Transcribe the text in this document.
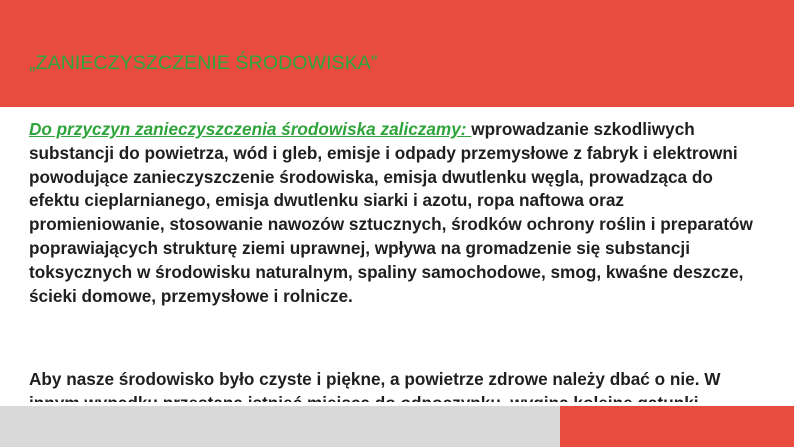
„ZANIECZYSZCZENIE ŚRODOWISKA”

Do przyczyn zanieczyszczenia środowiska zaliczamy: wprowadzanie szkodliwych substancji do powietrza, wód i gleb, emisje i odpady przemysłowe z fabryk i elektrowni powodujące zanieczyszczenie środowiska, emisja dwutlenku węgla, prowadząca do efektu cieplarnianego, emisja dwutlenku siarki i azotu, ropa naftowa oraz promieniowanie, stosowanie nawozów sztucznych, środków ochrony roślin i preparatów poprawiających strukturę ziemi uprawnej, wpływa na gromadzenie się substancji toksycznych w środowisku naturalnym, spaliny samochodowe, smog, kwaśne deszcze, ścieki domowe, przemysłowe i rolnicze.

Aby nasze środowisko było czyste i piękne, a powietrze zdrowe należy dbać o nie. W
